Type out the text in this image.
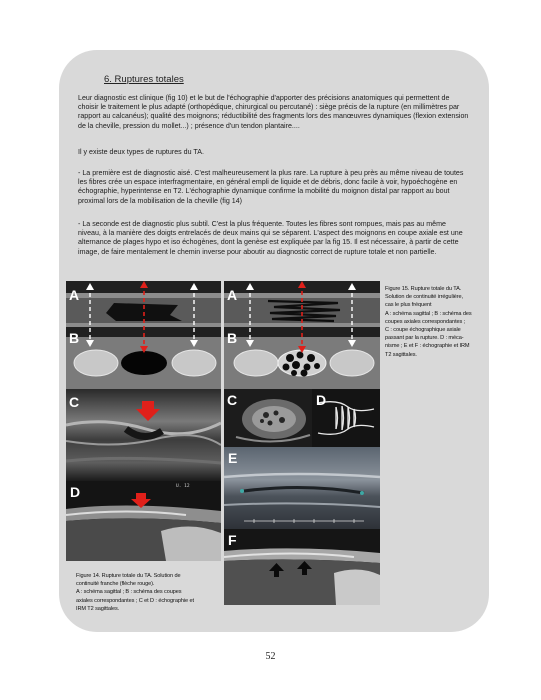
6. Ruptures totales

Leur diagnostic est clinique (fig 10) et le but de l'échographie d'apporter des précisions anatomiques qui permettent de choisir le traitement le plus adapté (orthopédique, chirurgical ou percutané) : siège précis de la rupture (en millimètres par rapport au calcanéus); qualité des moignons; réductibilité des fragments lors des manœuvres dynamiques (flexion extension de la cheville, pression du mollet...) ; présence d'un tendon plantaire....

Il y existe deux types de ruptures du TA.

- La première est de diagnostic aisé. C'est malheureusement la plus rare. La rupture à peu près au même niveau de toutes les fibres crée un espace interfragmentaire, en général empli de liquide et de débris, donc facile à voir, hypoéchogène en échographie, hyperintense en T2. L'échographie dynamique confirme la mobilité du moignon distal par rapport au bout proximal lors de la mobilisation de la cheville (fig 14)

- La seconde est de diagnostic plus subtil. C'est la plus fréquente. Toutes les fibres sont rompues, mais pas au même niveau, à la manière des doigts entrelacés de deux mains qui se séparent. L'aspect des moignons en coupe axiale est une alternance de plages hypo et iso échogènes, dont la genèse est expliquée par la fig 15. Il est nécessaire, à partir de cette image, de faire mentalement le chemin inverse pour aboutir au diagnostic correct de rupture totale et non partielle.

A
B
C
D	U. 12
Figure 14. Rupture totale du TA. Solution de
continuité franche (flèche rouge).
A : schéma sagittal ; B : schéma des coupes
axiales correspondantes ; C et D : échographie et
IRM T2 sagittales.
A
B
C	D
E
F
Figure 15. Rupture totale du TA.
Solution de continuité irrégulière,
cas le plus fréquent
A : schéma sagittal ; B : schéma des
coupes axiales correspondantes ;
C : coupe échographique axiale
passant par la rupture. D : méca-
nisme ; E et F : échographie et IRM
T2 sagittales.
52
